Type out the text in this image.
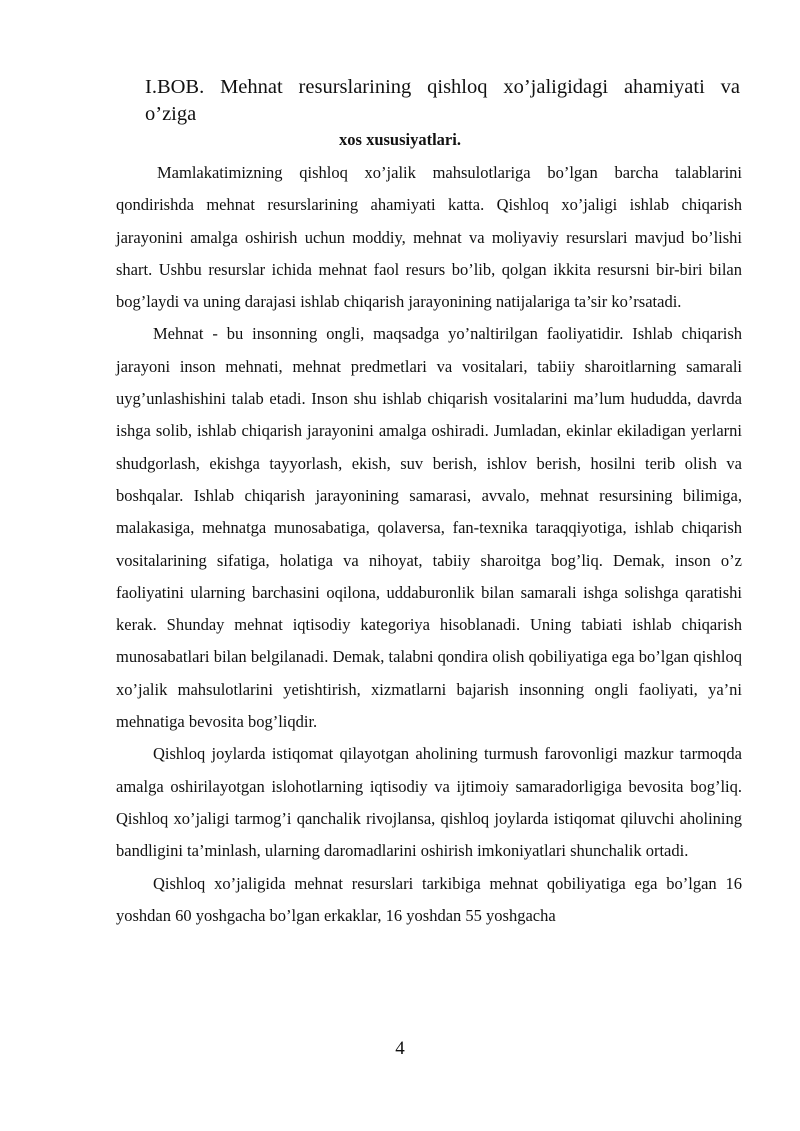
I.BOB. Mehnat resurslarining qishloq xo’jaligidagi ahamiyati va o’ziga
xos xususiyatlari.

Mamlakatimizning qishloq xo’jalik mahsulotlariga bo’lgan barcha talablarini qondirishda mehnat resurslarining ahamiyati katta. Qishloq xo’jaligi ishlab chiqarish jarayonini amalga oshirish uchun moddiy, mehnat va moliyaviy resurslari mavjud bo’lishi shart. Ushbu resurslar ichida mehnat faol resurs bo’lib, qolgan ikkita resursni bir-biri bilan bog’laydi va uning darajasi ishlab chiqarish jarayonining natijalariga ta’sir ko’rsatadi.

Mehnat - bu insonning ongli, maqsadga yo’naltirilgan faoliyatidir. Ishlab chiqarish jarayoni inson mehnati, mehnat predmetlari va vositalari, tabiiy sharoitlarning samarali uyg’unlashishini talab etadi. Inson shu ishlab chiqarish vositalarini ma’lum hududda, davrda ishga solib, ishlab chiqarish jarayonini amalga oshiradi. Jumladan, ekinlar ekiladigan yerlarni shudgorlash, ekishga tayyorlash, ekish, suv berish, ishlov berish, hosilni terib olish va boshqalar. Ishlab chiqarish jarayonining samarasi, avvalo, mehnat resursining bilimiga, malakasiga, mehnatga munosabatiga, qolaversa, fan-texnika taraqqiyotiga, ishlab chiqarish vositalarining sifatiga, holatiga va nihoyat, tabiiy sharoitga bog’liq. Demak, inson o’z faoliyatini ularning barchasini oqilona, uddaburonlik bilan samarali ishga solishga qaratishi kerak. Shunday mehnat iqtisodiy kategoriya hisoblanadi. Uning tabiati ishlab chiqarish munosabatlari bilan belgilanadi. Demak, talabni qondira olish qobiliyatiga ega bo’lgan qishloq xo’jalik mahsulotlarini yetishtirish, xizmatlarni bajarish insonning ongli faoliyati, ya’ni mehnatiga bevosita bog’liqdir.

Qishloq joylarda istiqomat qilayotgan aholining turmush farovonligi mazkur tarmoqda amalga oshirilayotgan islohotlarning iqtisodiy va ijtimoiy samaradorligiga bevosita bog’liq. Qishloq xo’jaligi tarmog’i qanchalik rivojlansa, qishloq joylarda istiqomat qiluvchi aholining bandligini ta’minlash, ularning daromadlarini oshirish imkoniyatlari shunchalik ortadi.

Qishloq xo’jaligida mehnat resurslari tarkibiga mehnat qobiliyatiga ega bo’lgan 16 yoshdan 60 yoshgacha bo’lgan erkaklar, 16 yoshdan 55 yoshgacha

4
